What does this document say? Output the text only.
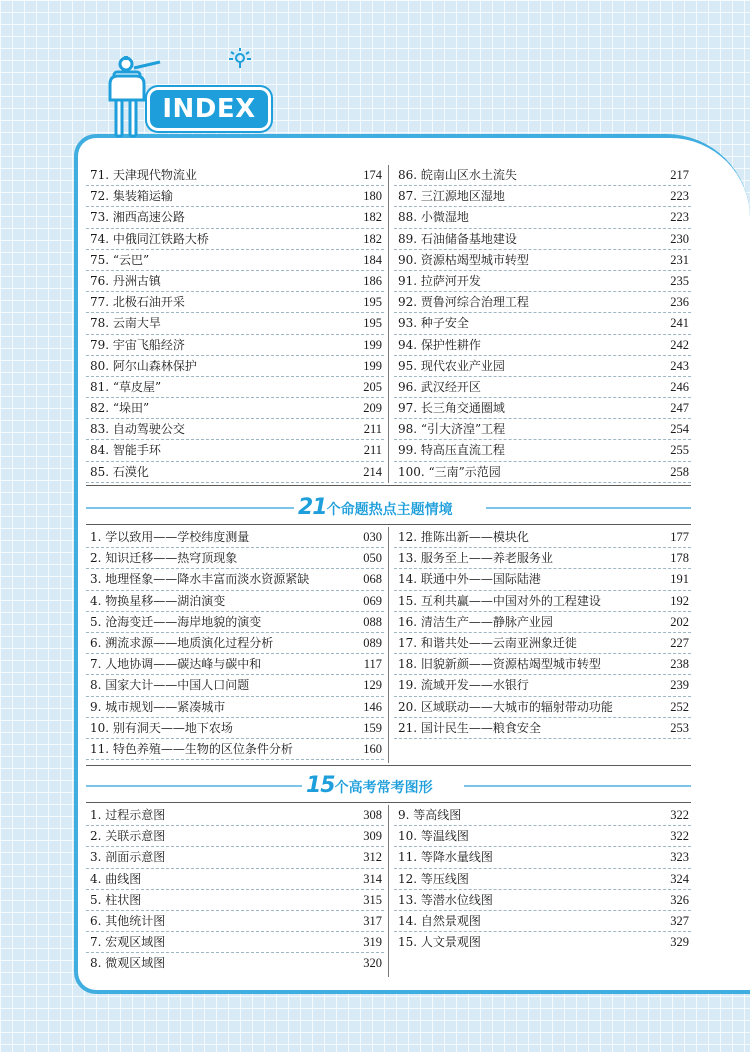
INDEX
71. 天津现代物流业	174
72. 集装箱运输	180
73. 湘西高速公路	182
74. 中俄同江铁路大桥	182
75. “云巴”	184
76. 丹洲古镇	186
77. 北极石油开采	195
78. 云南大旱	195
79. 宇宙飞船经济	199
80. 阿尔山森林保护	199
81. “草皮屋”	205
82. “垛田”	209
83. 自动驾驶公交	211
84. 智能手环	211
85. 石漠化	214
86. 皖南山区水土流失	217
87. 三江源地区湿地	223
88. 小微湿地	223
89. 石油储备基地建设	230
90. 资源枯竭型城市转型	231
91. 拉萨河开发	235
92. 贾鲁河综合治理工程	236
93. 种子安全	241
94. 保护性耕作	242
95. 现代农业产业园	243
96. 武汉经开区	246
97. 长三角交通圈域	247
98. “引大济湟”工程	254
99. 特高压直流工程	255
100. “三南”示范园	258
21个命题热点主题情境
1. 学以致用——学校纬度测量	030
2. 知识迁移——热穹顶现象	050
3. 地理怪象——降水丰富而淡水资源紧缺	068
4. 物换星移——湖泊演变	069
5. 沧海变迁——海岸地貌的演变	088
6. 溯流求源——地质演化过程分析	089
7. 人地协调——碳达峰与碳中和	117
8. 国家大计——中国人口问题	129
9. 城市规划——紧凑城市	146
10. 别有洞天——地下农场	159
11. 特色养殖——生物的区位条件分析	160
12. 推陈出新——模块化	177
13. 服务至上——养老服务业	178
14. 联通中外——国际陆港	191
15. 互利共赢——中国对外的工程建设	192
16. 清洁生产——静脉产业园	202
17. 和谐共处——云南亚洲象迁徙	227
18. 旧貌新颜——资源枯竭型城市转型	238
19. 流域开发——水银行	239
20. 区域联动——大城市的辐射带动功能	252
21. 国计民生——粮食安全	253
15个高考常考图形
1. 过程示意图	308
2. 关联示意图	309
3. 剖面示意图	312
4. 曲线图	314
5. 柱状图	315
6. 其他统计图	317
7. 宏观区域图	319
8. 微观区域图	320
9. 等高线图	322
10. 等温线图	322
11. 等降水量线图	323
12. 等压线图	324
13. 等潜水位线图	326
14. 自然景观图	327
15. 人文景观图	329
